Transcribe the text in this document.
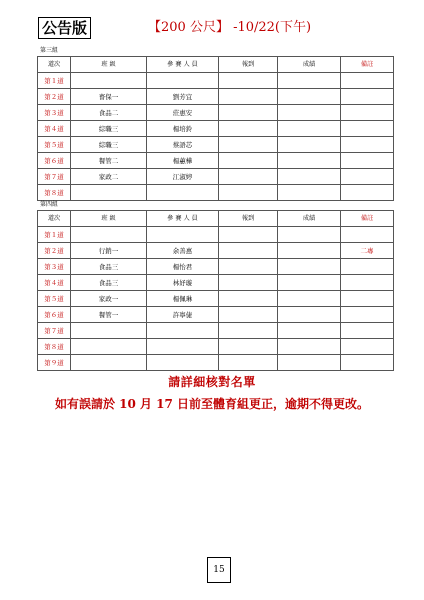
公告版	【200 公尺】 -10/22(下午)
第三組
道次	班 級	參 賽 人 員	報到	成績	備註
第１道					
第２道	畜保一	劉芳宜			
第３道	食品二	莊惠安			
第４道	綜職三	楊培鈴			
第５道	綜職三	蔡語芯			
第６道	餐管二	楊蕙樺			
第７道	家政二	江淑婷			
第８道					
第四組
道次	班 級	參 賽 人 員	報到	成績	備註
第１道					
第２道	行銷一	余善惠			二專
第３道	食品三	楊怡君			
第４道	食品三	林妤璇			
第５道	家政一	楊佩琳			
第６道	餐管一	許寧倢			
第７道					
第８道					
第９道					
請詳細核對名單
如有誤請於 10 月 17 日前至體育組更正，逾期不得更改。
15
